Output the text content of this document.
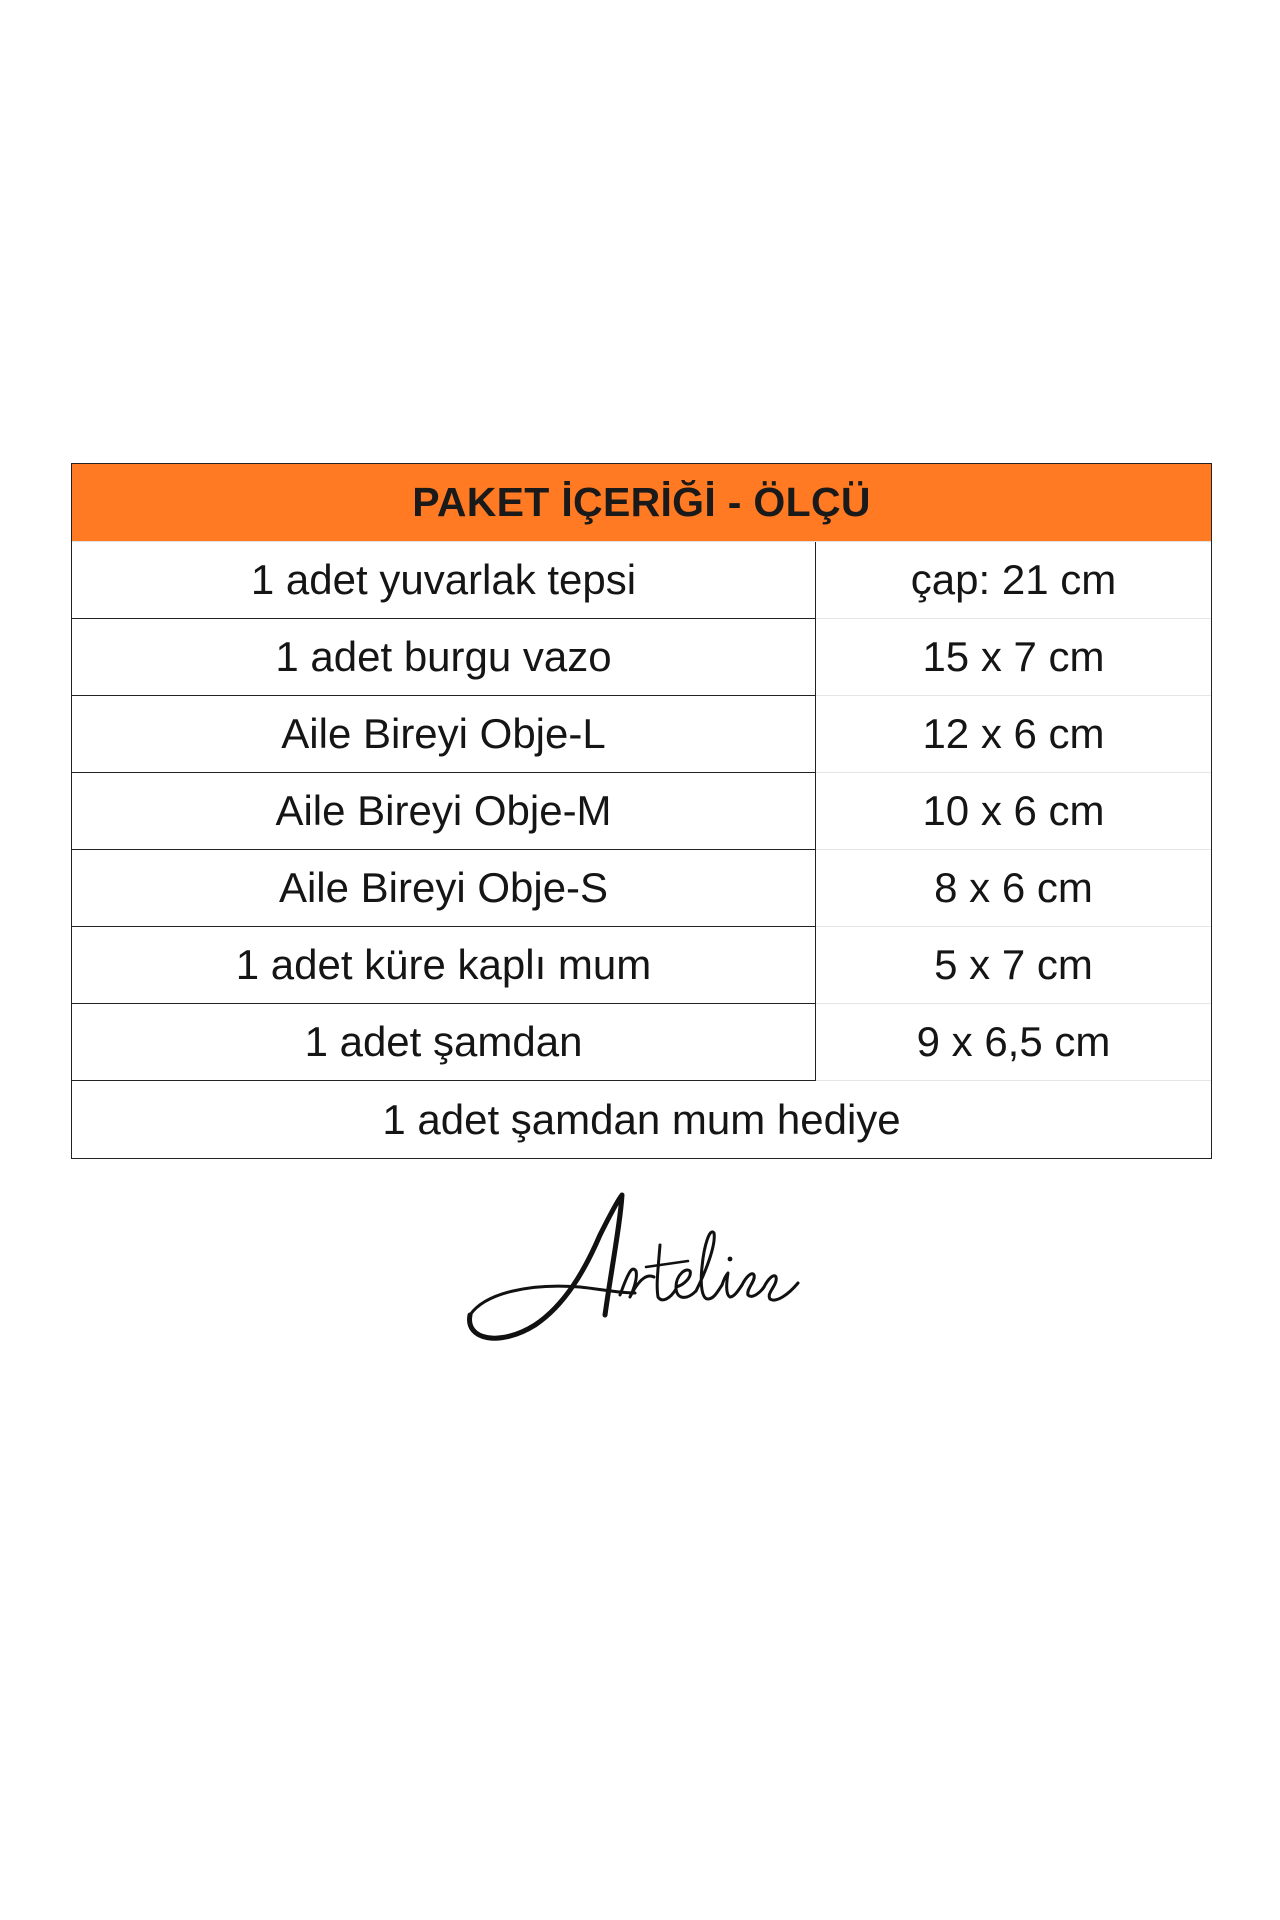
PAKET İÇERİĞİ - ÖLÇÜ
1 adet yuvarlak tepsi	çap: 21 cm
1 adet burgu vazo	15 x 7 cm
Aile Bireyi Obje-L	12 x 6 cm
Aile Bireyi Obje-M	10 x 6 cm
Aile Bireyi Obje-S	8 x 6 cm
1 adet küre kaplı mum	5 x 7 cm
1 adet şamdan	9 x 6,5 cm
1 adet şamdan mum hediye
